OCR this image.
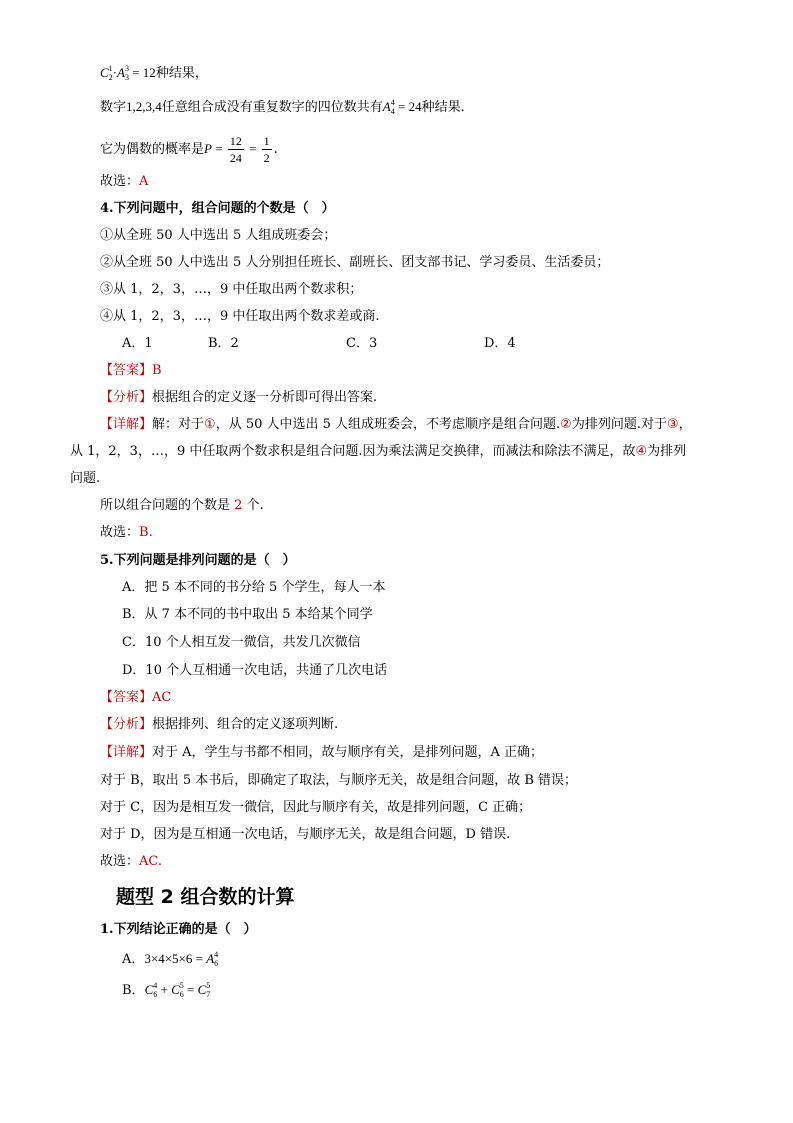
C 1
2 ·A 3
3 = 12种结果，
数字1,2,3,4任意组合成没有重复数字的四位数共有A 4
4 = 24种结果．
它为偶数的概率是$P = \frac{12}{24} = \frac{1}{2}$ .
故选：A
4.下列问题中，组合问题的个数是（　）
①从全班 50 人中选出 5 人组成班委会；
②从全班 50 人中选出 5 人分别担任班长、副班长、团支部书记、学习委员、生活委员；
③从 1，2，3，…，9 中任取出两个数求积；
④从 1，2，3，…，9 中任取出两个数求差或商.
A．1	B．2	C．3	D．4
【答案】B
【分析】根据组合的定义逐一分析即可得出答案.
【详解】解：对于①，从 50 人中选出 5 人组成班委会，不考虑顺序是组合问题.②为排列问题.对于③，
从 1，2，3，…，9 中任取两个数求积是组合问题.因为乘法满足交换律，而减法和除法不满足，故④为排列
问题.
所以组合问题的个数是 2 个.
故选：B.
5.下列问题是排列问题的是（　）
A．把 5 本不同的书分给 5 个学生，每人一本
B．从 7 本不同的书中取出 5 本给某个同学
C．10 个人相互发一微信，共发几次微信
D．10 个人互相通一次电话，共通了几次电话
【答案】AC
【分析】根据排列、组合的定义逐项判断.
【详解】对于 A，学生与书都不相同，故与顺序有关，是排列问题，A 正确；
对于 B，取出 5 本书后，即确定了取法，与顺序无关，故是组合问题，故 B 错误；
对于 C，因为是相互发一微信，因此与顺序有关，故是排列问题，C 正确；
对于 D，因为是互相通一次电话，与顺序无关，故是组合问题，D 错误.
故选：AC.
题型 2 组合数的计算
1.下列结论正确的是（　）
A．3×4×5×6 = A 4
6
B．C 4
6 + C 5
6 = C 5
7
